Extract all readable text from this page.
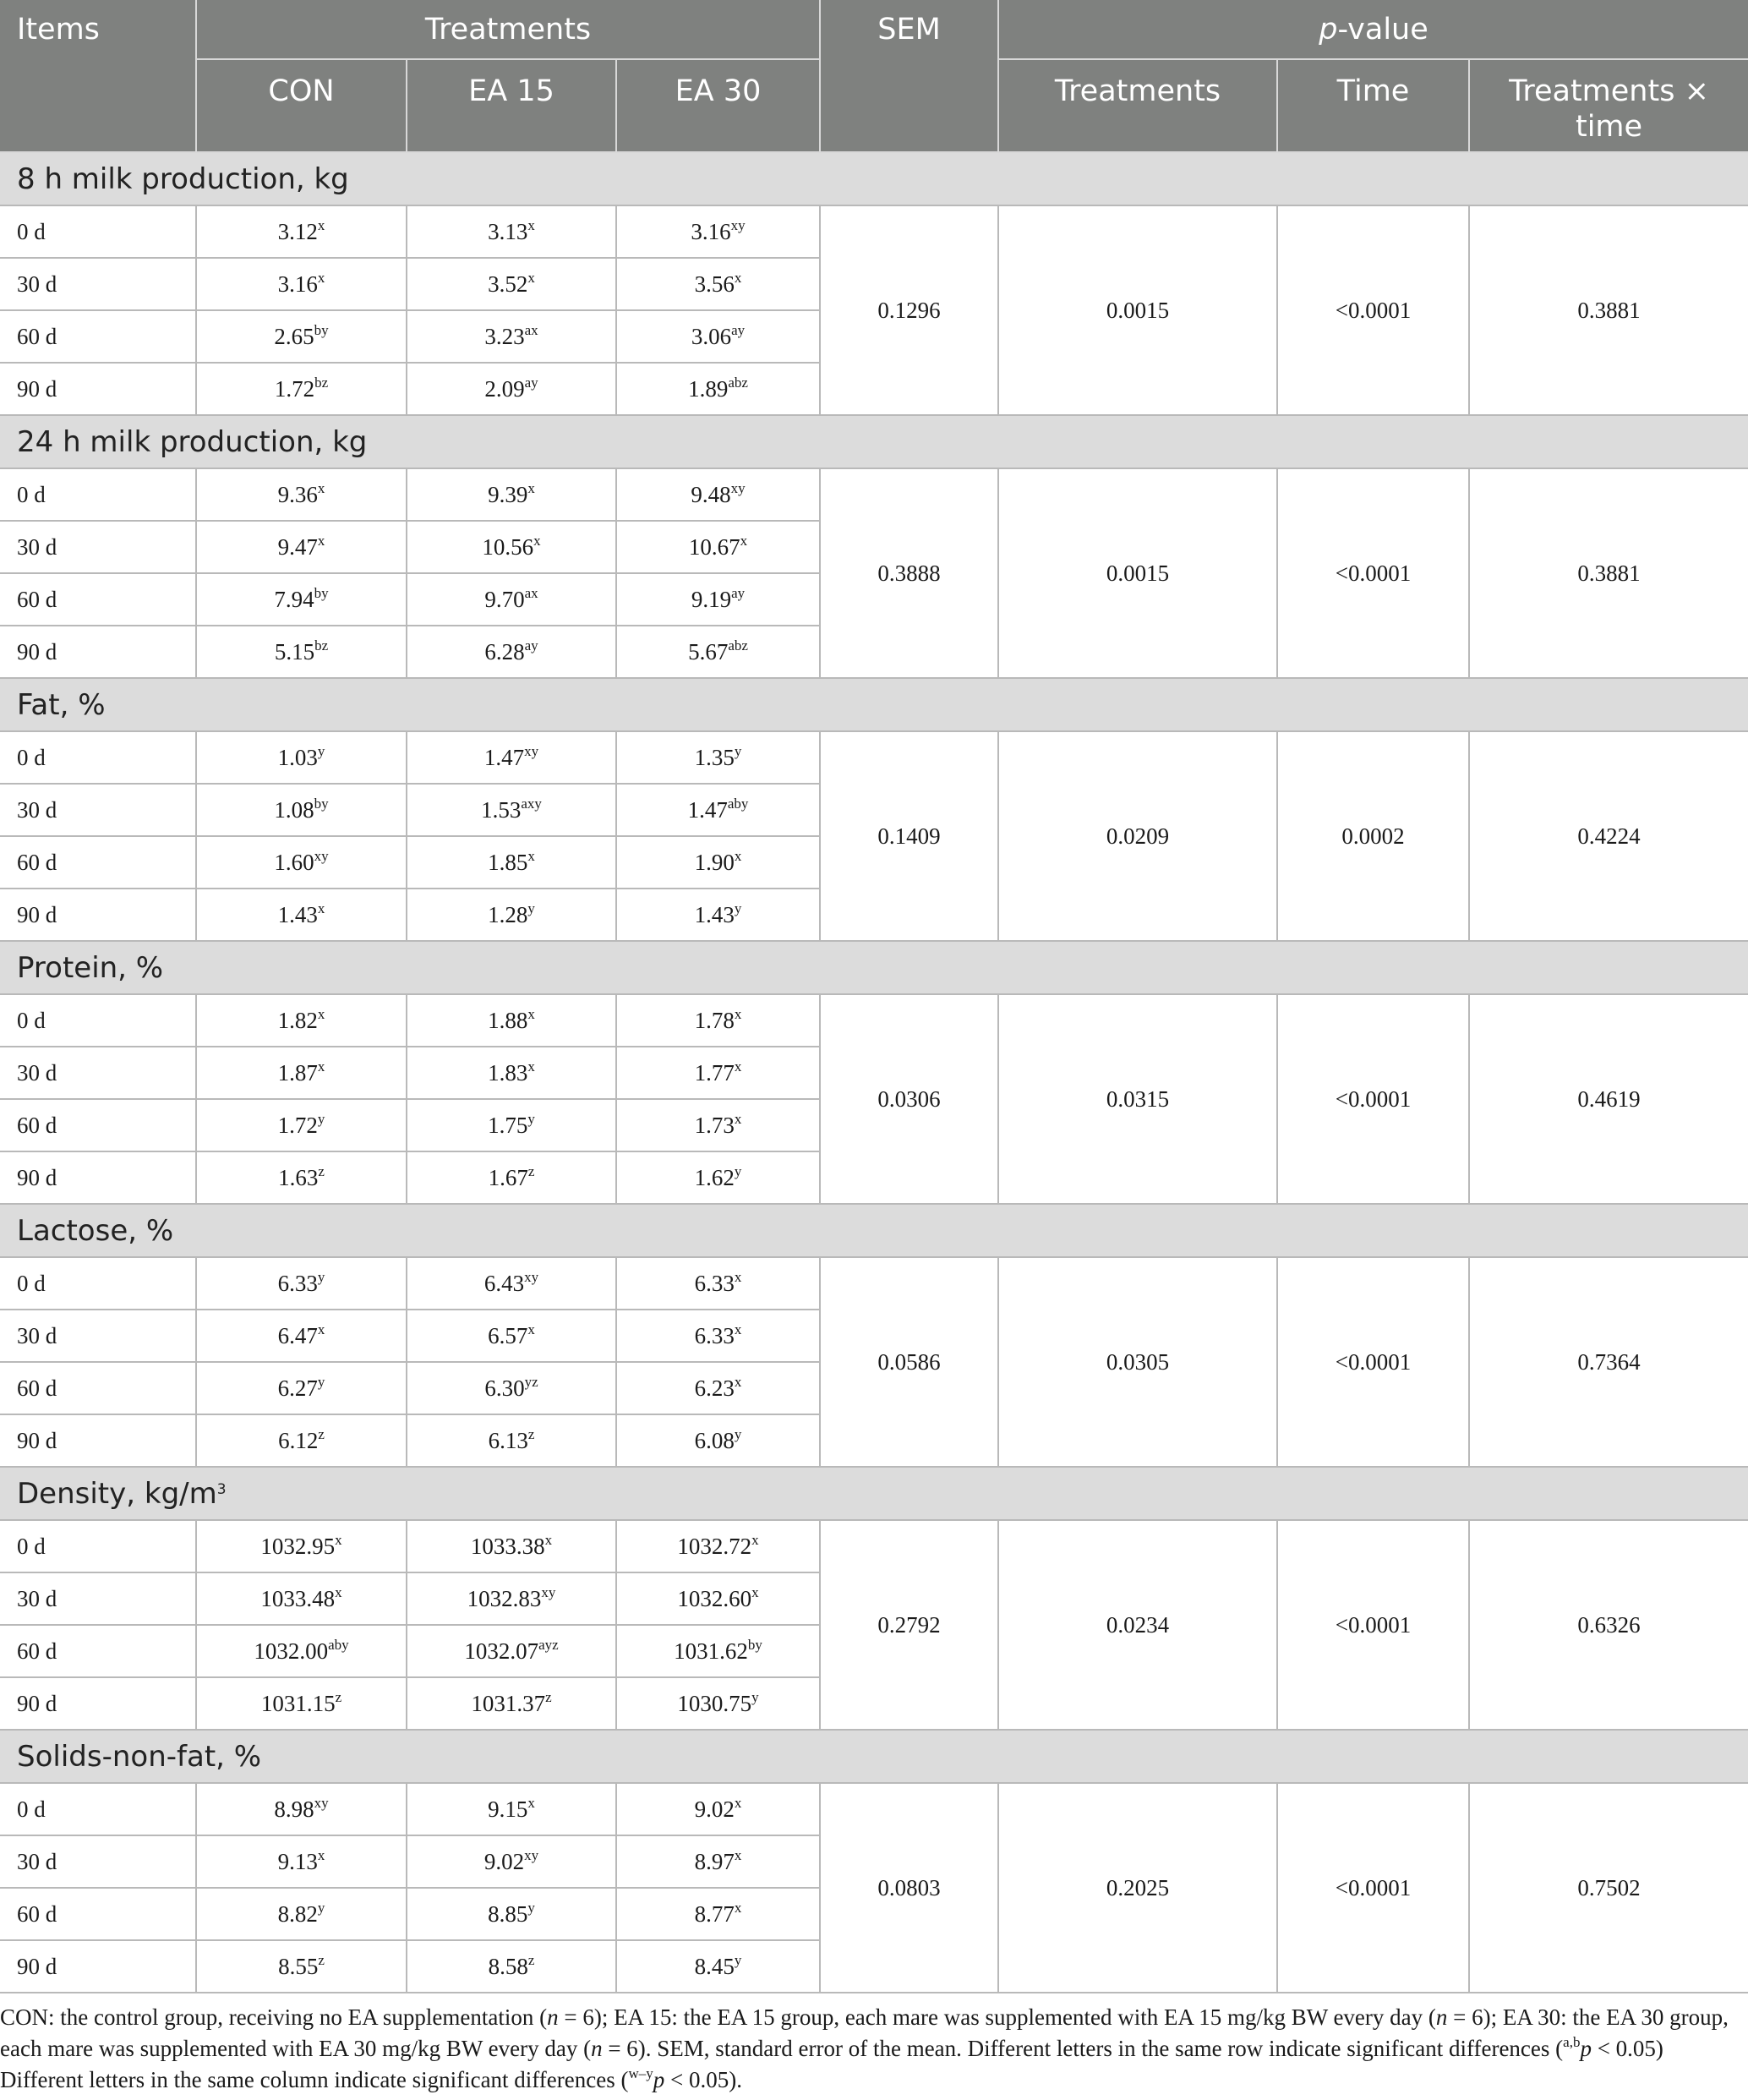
Items	Treatments			SEM	p-value		
	CON	EA 15	EA 30		Treatments	Time	Treatments × time
8 h milk production, kg							
0 d	3.12$^x$	3.13$^x$	$3.16^{xy}$	0.1296	0.0015	<0.0001	0.3881
30 d	3.16$^x$	3.52$^x$	3.56$^x$
60 d	$2.65^{by}$	$3.23^{ax}$	$3.06^{ay}$
90 d	$1.72^{bz}$	$2.09^{ay}$	$1.89^{abz}$
24 h milk production, kg							
0 d	9.36$^x$	9.39$^x$	$9.48^{xy}$	0.3888	0.0015	<0.0001	0.3881
30 d	9.47$^x$	10.56$^x$	10.67$^x$
60 d	$7.94^{by}$	$9.70^{ax}$	$9.19^{ay}$
90 d	$5.15^{bz}$	$6.28^{ay}$	$5.67^{abz}$
Fat, %							
0 d	1.03$^y$	$1.47^{xy}$	1.35$^y$	0.1409	0.0209	0.0002	0.4224
30 d	$1.08^{by}$	$1.53^{axy}$	$1.47^{aby}$
60 d	$1.60^{xy}$	1.85$^x$	1.90$^x$
90 d	1.43$^x$	1.28$^y$	1.43$^y$
Protein, %							
0 d	1.82$^x$	1.88$^x$	1.78$^x$	0.0306	0.0315	<0.0001	0.4619
30 d	1.87$^x$	1.83$^x$	1.77$^x$
60 d	1.72$^y$	1.75$^y$	1.73$^x$
90 d	1.63$^z$	1.67$^z$	1.62$^y$
Lactose, %							
0 d	6.33$^y$	$6.43^{xy}$	6.33$^x$	0.0586	0.0305	<0.0001	0.7364
30 d	6.47$^x$	6.57$^x$	6.33$^x$
60 d	6.27$^y$	$6.30^{yz}$	6.23$^x$
90 d	6.12$^z$	6.13$^z$	6.08$^y$
Density, $kg/m^3$
0 d	1032.95$^x$	1033.38$^x$	1032.72$^x$	0.2792	0.0234	<0.0001	0.6326
30 d	1033.48$^x$	$1032.83^{xy}$	1032.60$^x$
60 d	$1032.00^{aby}$	$1032.07^{ayz}$	$1031.62^{by}$
90 d	1031.15$^z$	1031.37$^z$	1030.75$^y$
Solids-non-fat, %							
0 d	$8.98^{xy}$	9.15$^x$	9.02$^x$	0.0803	0.2025	<0.0001	0.7502
30 d	9.13$^x$	$9.02^{xy}$	8.97$^x$
60 d	8.82$^y$	8.85$^y$	8.77$^x$
90 d	8.55$^z$	8.58$^z$	8.45$^y$
CON: the control group, receiving no EA supplementation (n = 6); EA 15: the EA 15 group, each mare was supplemented with EA 15 mg/kg BW every day (n = 6); EA 30: the EA 30 group, each mare was supplemented with EA 30 mg/kg BW every day (n = 6). SEM, standard error of the mean. Different letters in the same row indicate significant differences ($^{a,b}$p < 0.05) Different letters in the same column indicate significant differences ($^{w-y}$p < 0.05).
